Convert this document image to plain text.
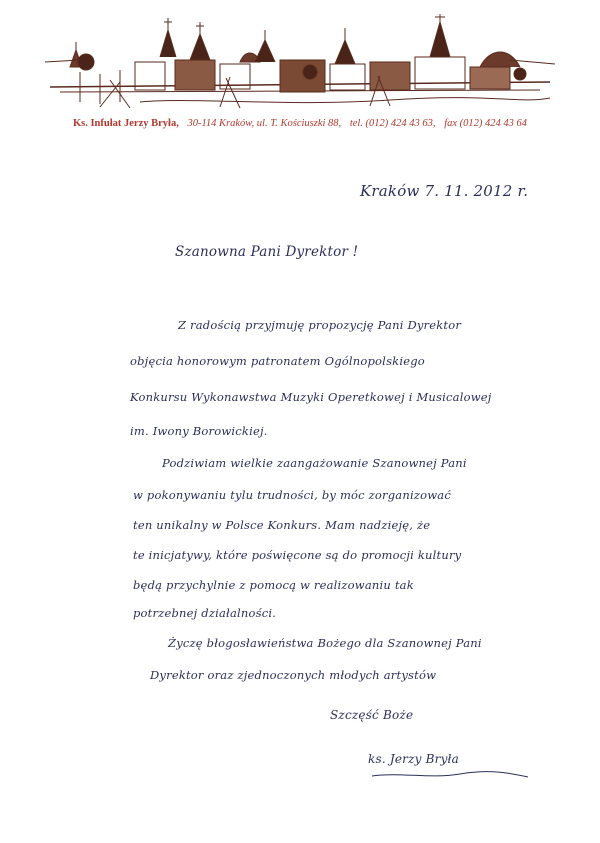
Ks. Infułat Jerzy Bryła, 30-114 Kraków, ul. T. Kościuszki 88, tel. (012) 424 43 63, fax (012) 424 43 64
Kraków 7. 11. 2012 r.
Szanowna Pani Dyrektor !
Z radością przyjmuję propozycję Pani Dyrektor
objęcia honorowym patronatem Ogólnopolskiego
Konkursu Wykonawstwa Muzyki Operetkowej i Musicalowej
im. Iwony Borowickiej.
Podziwiam wielkie zaangażowanie Szanownej Pani
w pokonywaniu tylu trudności, by móc zorganizować
ten unikalny w Polsce Konkurs. Mam nadzieję, że
te inicjatywy, które poświęcone są do promocji kultury
będą przychylnie z pomocą w realizowaniu tak
potrzebnej działalności.
Życzę błogosławieństwa Bożego dla Szanownej Pani
Dyrektor oraz zjednoczonych młodych artystów
Szczęść Boże
ks. Jerzy Bryła
